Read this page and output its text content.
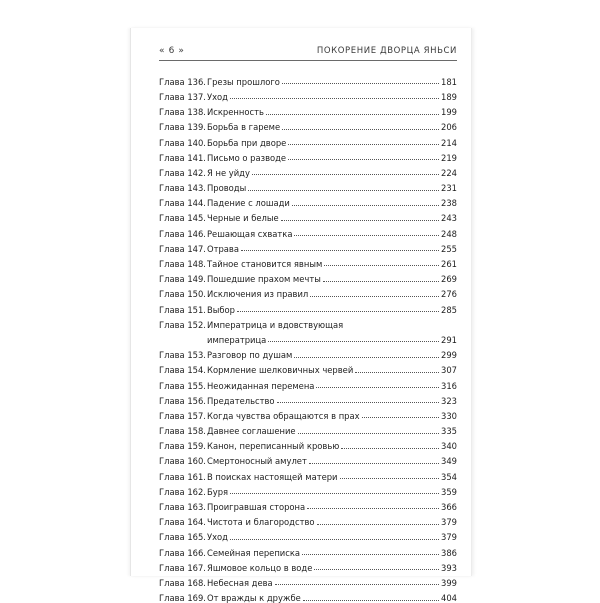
« 6 »	ПОКОРЕНИЕ ДВОРЦА ЯНЬСИ
Глава 136. Грезы прошлого	181
Глава 137. Уход	189
Глава 138. Искренность	199
Глава 139. Борьба в гареме	206
Глава 140. Борьба при дворе	214
Глава 141. Письмо о разводе	219
Глава 142. Я не уйду	224
Глава 143. Проводы	231
Глава 144. Падение с лошади	238
Глава 145. Черные и белые	243
Глава 146. Решающая схватка	248
Глава 147. Отрава	255
Глава 148. Тайное становится явным	261
Глава 149. Пошедшие прахом мечты	269
Глава 150. Исключения из правил	276
Глава 151. Выбор	285
Глава 152. Императрица и вдовствующая
императрица	291
Глава 153. Разговор по душам	299
Глава 154. Кормление шелковичных червей	307
Глава 155. Неожиданная перемена	316
Глава 156. Предательство	323
Глава 157. Когда чувства обращаются в прах	330
Глава 158. Давнее соглашение	335
Глава 159. Канон, переписанный кровью	340
Глава 160. Смертоносный амулет	349
Глава 161. В поисках настоящей матери	354
Глава 162. Буря	359
Глава 163. Проигравшая сторона	366
Глава 164. Чистота и благородство	379
Глава 165. Уход	379
Глава 166. Семейная переписка	386
Глава 167. Яшмовое кольцо в воде	393
Глава 168. Небесная дева	399
Глава 169. От вражды к дружбе	404
